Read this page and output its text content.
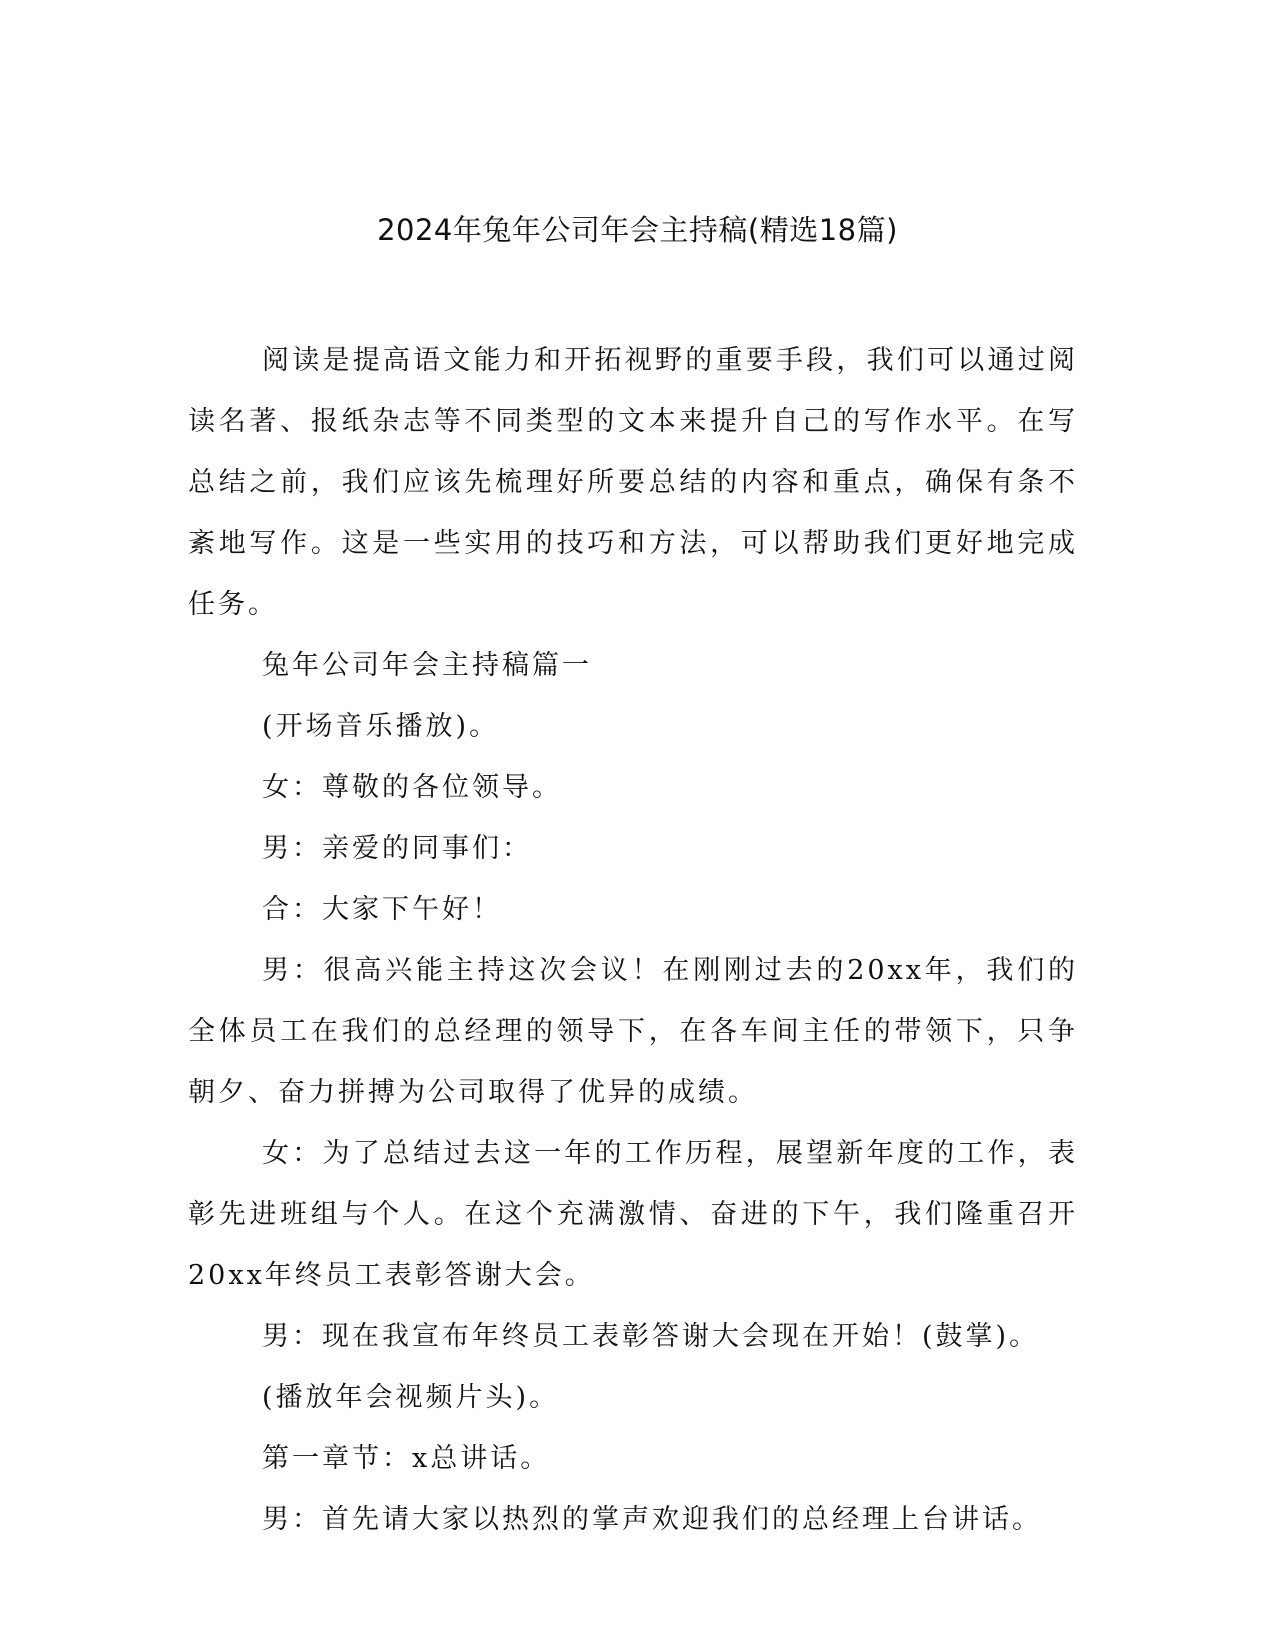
2024年兔年公司年会主持稿(精选18篇)

阅读是提高语文能力和开拓视野的重要手段，我们可以通过阅读名著、报纸杂志等不同类型的文本来提升自己的写作水平。在写总结之前，我们应该先梳理好所要总结的内容和重点，确保有条不紊地写作。这是一些实用的技巧和方法，可以帮助我们更好地完成任务。

兔年公司年会主持稿篇一

(开场音乐播放)。

女：尊敬的各位领导。

男：亲爱的同事们：

合：大家下午好！

男：很高兴能主持这次会议！在刚刚过去的20xx年，我们的全体员工在我们的总经理的领导下，在各车间主任的带领下，只争朝夕、奋力拼搏为公司取得了优异的成绩。

女：为了总结过去这一年的工作历程，展望新年度的工作，表彰先进班组与个人。在这个充满激情、奋进的下午，我们隆重召开20xx年终员工表彰答谢大会。

男：现在我宣布年终员工表彰答谢大会现在开始！(鼓掌)。

(播放年会视频片头)。

第一章节：x总讲话。

男：首先请大家以热烈的掌声欢迎我们的总经理上台讲话。
